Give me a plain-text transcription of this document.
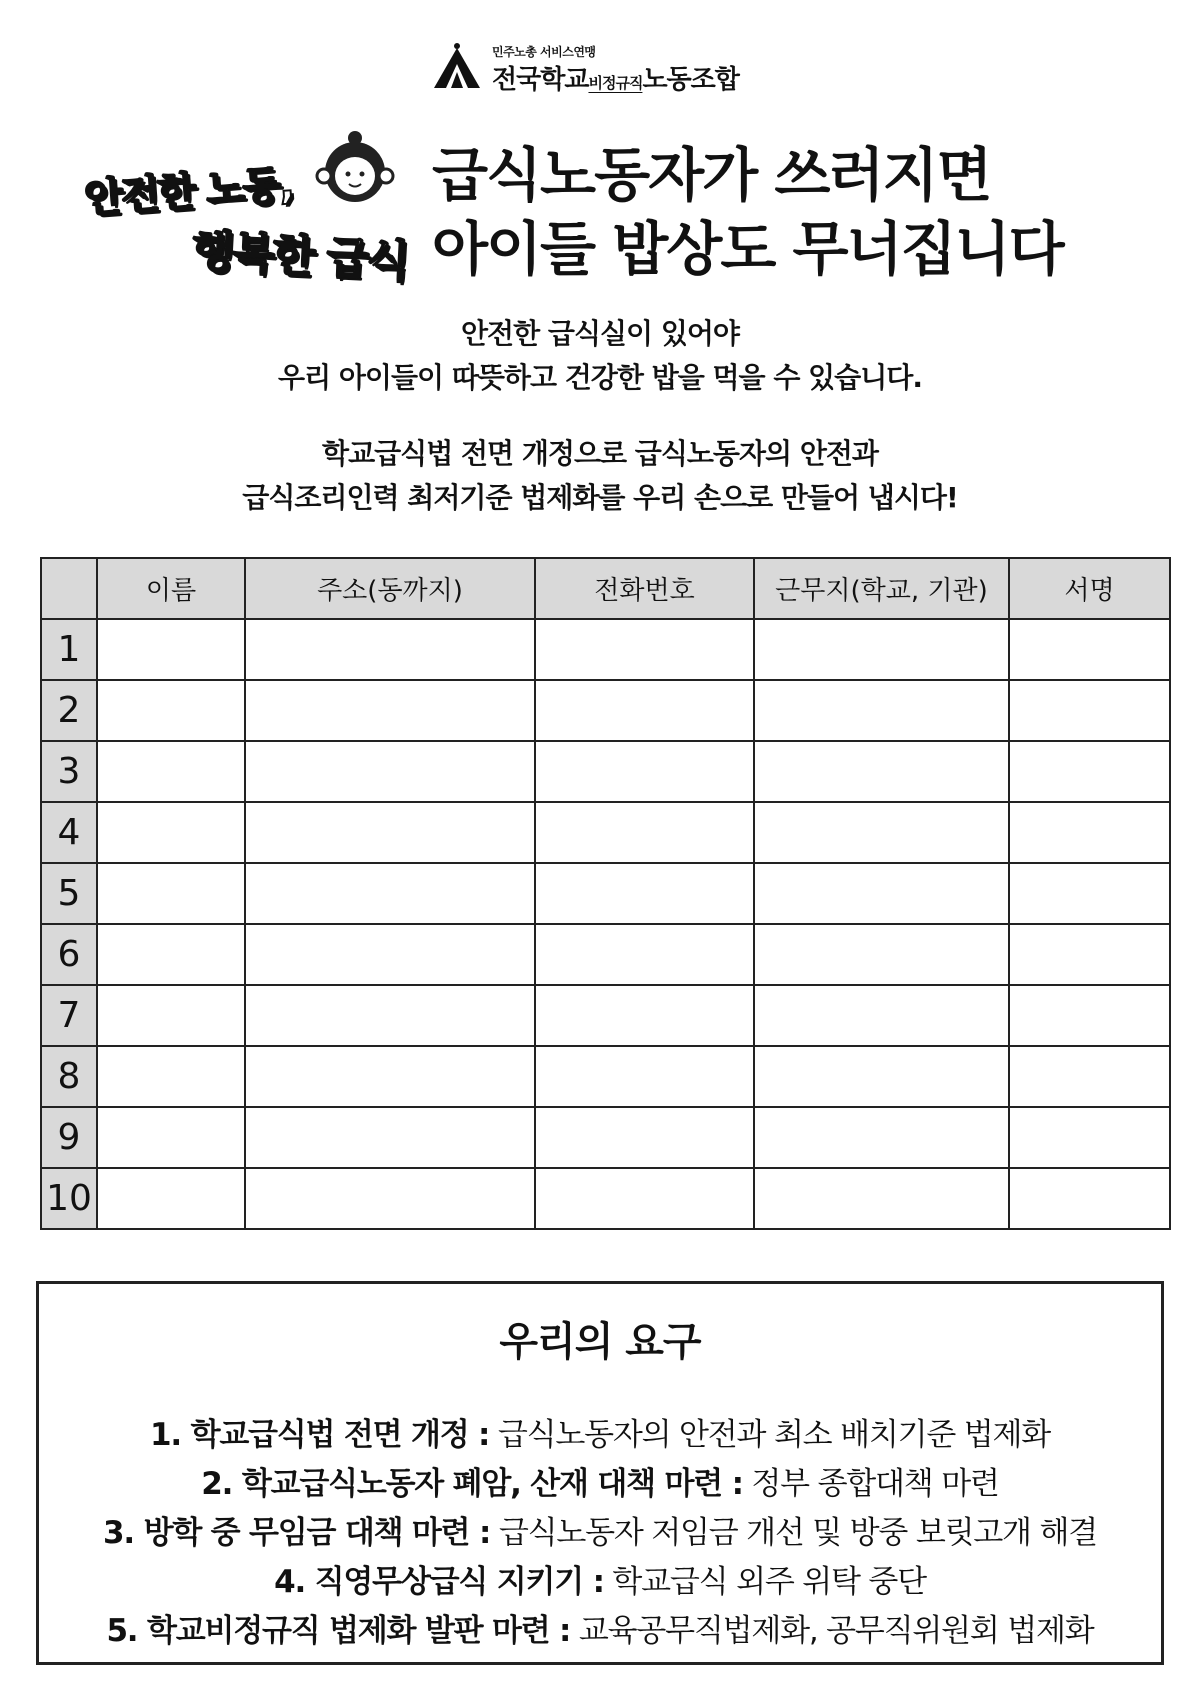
민주노총 서비스연맹
전국학교비정규직노동조합
안전한 노동,
행복한 급식
급식노동자가 쓰러지면
아이들 밥상도 무너집니다
안전한 급식실이 있어야
우리 아이들이 따뜻하고 건강한 밥을 먹을 수 있습니다.
학교급식법 전면 개정으로 급식노동자의 안전과
급식조리인력 최저기준 법제화를 우리 손으로 만들어 냅시다!
	이름	주소(동까지)	전화번호	근무지(학교, 기관)	서명
1					
2					
3					
4					
5					
6					
7					
8					
9					
10					
우리의 요구
1. 학교급식법 전면 개정 : 급식노동자의 안전과 최소 배치기준 법제화
2. 학교급식노동자 폐암, 산재 대책 마련 : 정부 종합대책 마련
3. 방학 중 무임금 대책 마련 : 급식노동자 저임금 개선 및 방중 보릿고개 해결
4. 직영무상급식 지키기 : 학교급식 외주 위탁 중단
5. 학교비정규직 법제화 발판 마련 : 교육공무직법제화, 공무직위원회 법제화
